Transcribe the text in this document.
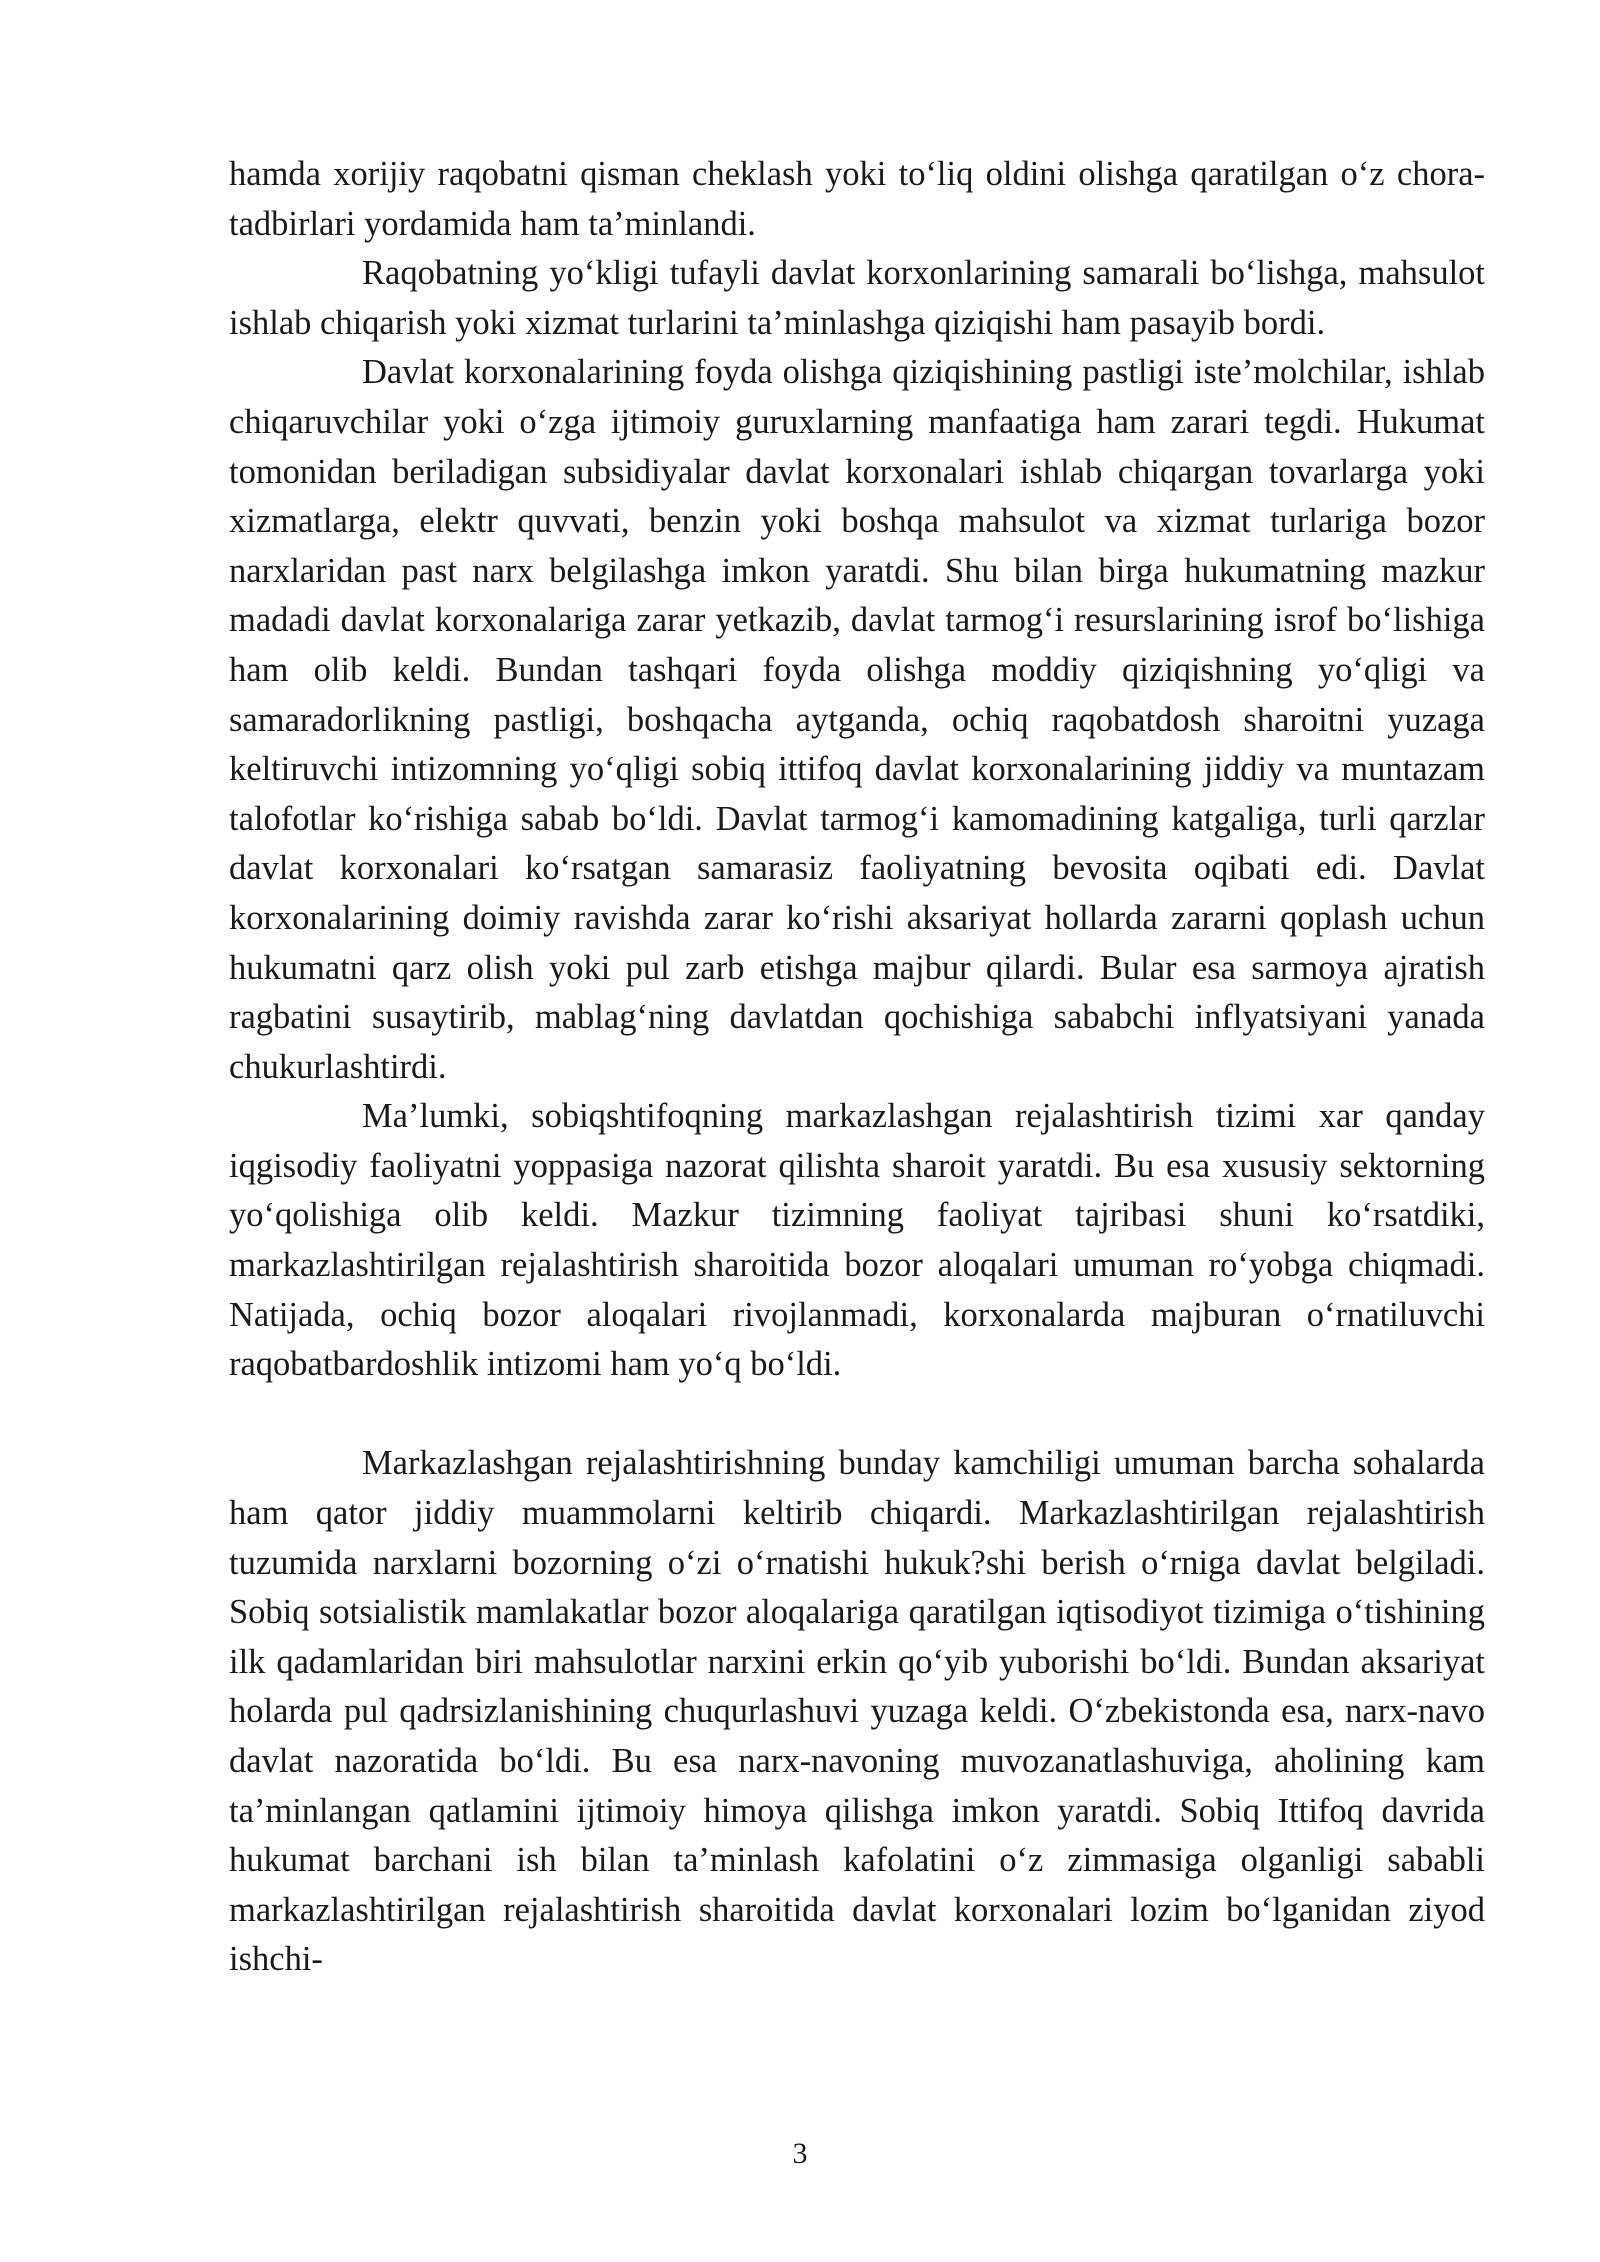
hamda xorijiy raqobatni qisman cheklash yoki to‘liq oldini olishga qaratilgan o‘z chora-tadbirlari yordamida ham ta’minlandi.

Raqobatning yo‘kligi tufayli davlat korxonlarining samarali bo‘lishga, mahsulot ishlab chiqarish yoki xizmat turlarini ta’minlashga qiziqishi ham pasayib bordi.

Davlat korxonalarining foyda olishga qiziqishining pastligi iste’molchilar, ishlab chiqaruvchilar yoki o‘zga ijtimoiy guruxlarning manfaatiga ham zarari tegdi. Hukumat tomonidan beriladigan subsidiyalar davlat korxonalari ishlab chiqargan tovarlarga yoki xizmatlarga, elektr quvvati, benzin yoki boshqa mahsulot va xizmat turlariga bozor narxlaridan past narx belgilashga imkon yaratdi. Shu bilan birga hukumatning mazkur madadi davlat korxonalariga zarar yetkazib, davlat tarmog‘i resurslarining isrof bo‘lishiga ham olib keldi. Bundan tashqari foyda olishga moddiy qiziqishning yo‘qligi va samaradorlikning pastligi, boshqacha aytganda, ochiq raqobatdosh sharoitni yuzaga keltiruvchi intizomning yo‘qligi sobiq ittifoq davlat korxonalarining jiddiy va muntazam talofotlar ko‘rishiga sabab bo‘ldi. Davlat tarmog‘i kamomadining katgaliga, turli qarzlar davlat korxonalari ko‘rsatgan samarasiz faoliyatning bevosita oqibati edi. Davlat korxonalarining doimiy ravishda zarar ko‘rishi aksariyat hollarda zararni qoplash uchun hukumatni qarz olish yoki pul zarb etishga majbur qilardi. Bular esa sarmoya ajratish ragbatini susaytirib, mablag‘ning davlatdan qochishiga sababchi inflyatsiyani yanada chukurlashtirdi.

Ma’lumki, sobiqshtifoqning markazlashgan rejalashtirish tizimi xar qanday iqgisodiy faoliyatni yoppasiga nazorat qilishta sharoit yaratdi. Bu esa xususiy sektorning yo‘qolishiga olib keldi. Mazkur tizimning faoliyat tajribasi shuni ko‘rsatdiki, markazlashtirilgan rejalashtirish sharoitida bozor aloqalari umuman ro‘yobga chiqmadi. Natijada, ochiq bozor aloqalari rivojlanmadi, korxonalarda majburan o‘rnatiluvchi raqobatbardoshlik intizomi ham yo‘q bo‘ldi.

Markazlashgan rejalashtirishning bunday kamchiligi umuman barcha sohalarda ham qator jiddiy muammolarni keltirib chiqardi. Markazlashtirilgan rejalashtirish tuzumida narxlarni bozorning o‘zi o‘rnatishi hukuk?shi berish o‘rniga davlat belgiladi. Sobiq sotsialistik mamlakatlar bozor aloqalariga qaratilgan iqtisodiyot tizimiga o‘tishining ilk qadamlaridan biri mahsulotlar narxini erkin qo‘yib yuborishi bo‘ldi. Bundan aksariyat holarda pul qadrsizlanishining chuqurlashuvi yuzaga keldi. O‘zbekistonda esa, narx-navo davlat nazoratida bo‘ldi. Bu esa narx-navoning muvozanatlashuviga, aholining kam ta’minlangan qatlamini ijtimoiy himoya qilishga imkon yaratdi. Sobiq Ittifoq davrida hukumat barchani ish bilan ta’minlash kafolatini o‘z zimmasiga olganligi sababli markazlashtirilgan rejalashtirish sharoitida davlat korxonalari lozim bo‘lganidan ziyod ishchi-

3
